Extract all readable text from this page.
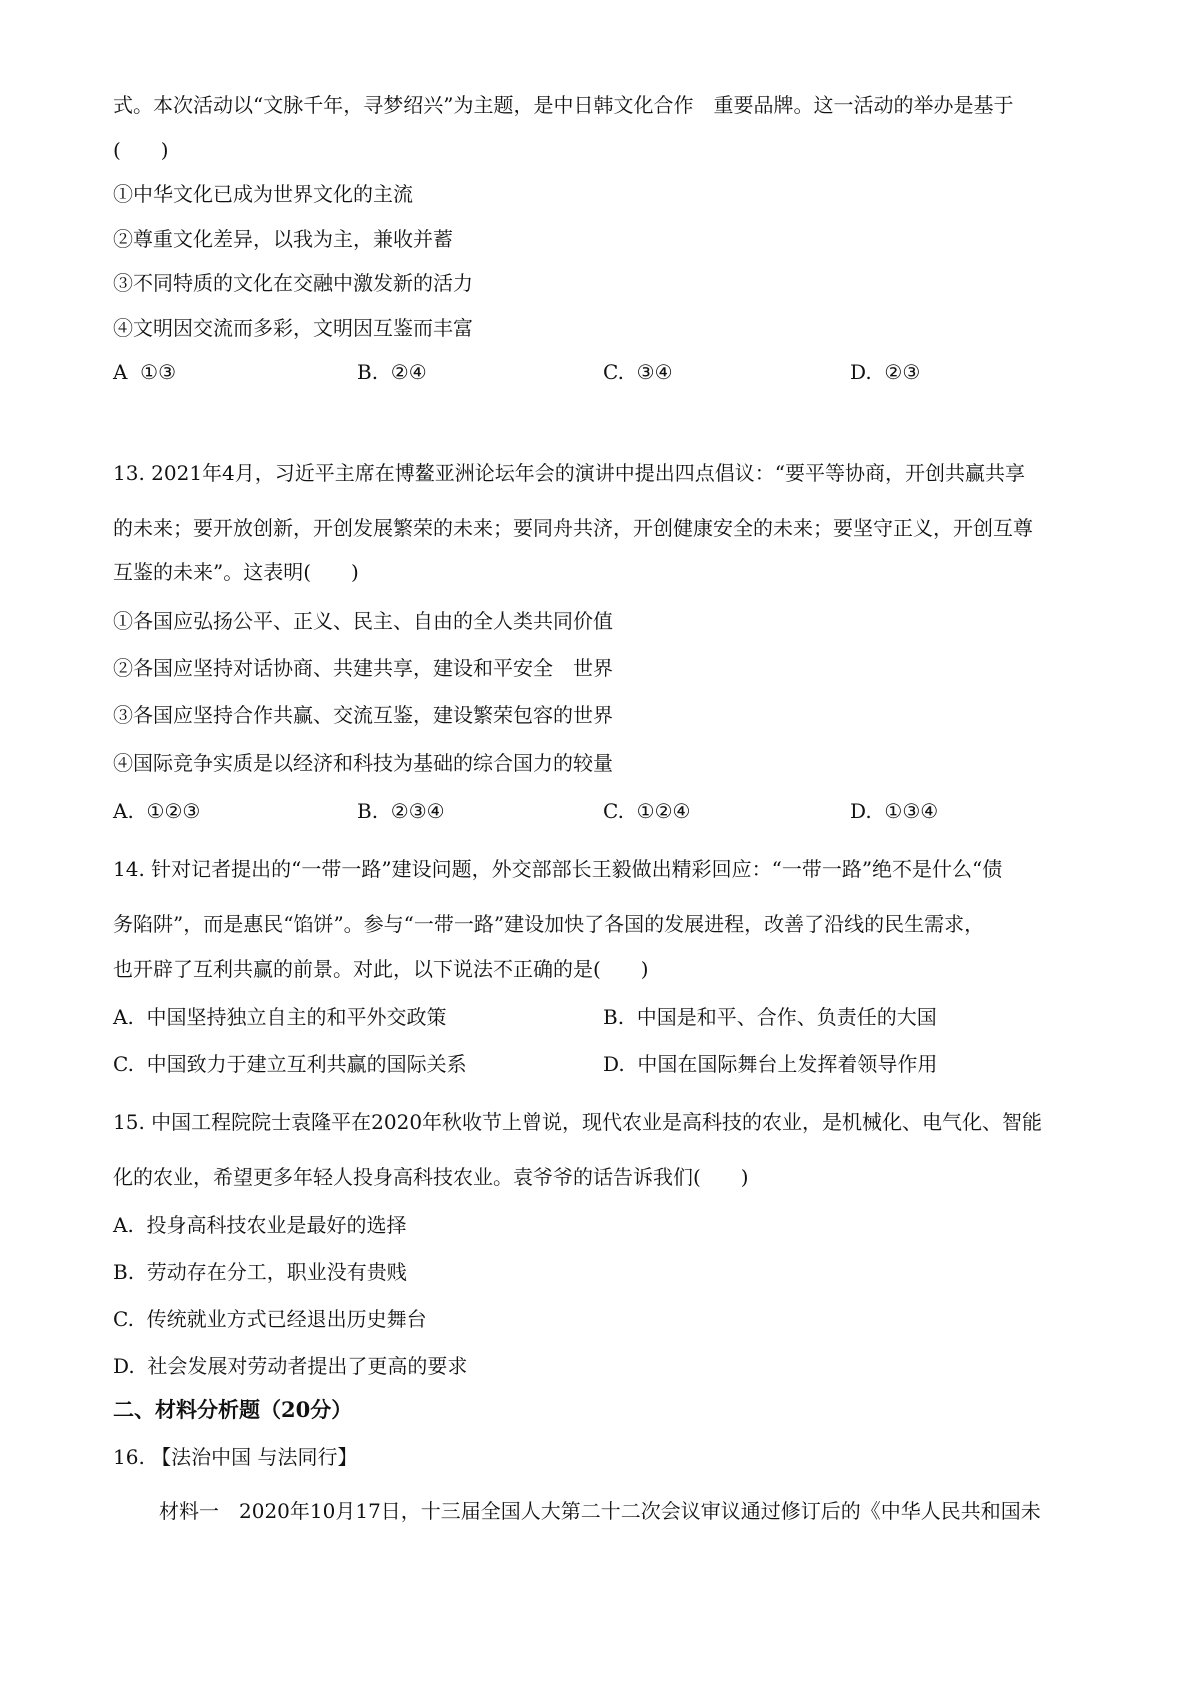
式。本次活动以“文脉千年，寻梦绍兴”为主题，是中日韩文化合作　重要品牌。这一活动的举办是基于
(　　)
①中华文化已成为世界文化的主流
②尊重文化差异，以我为主，兼收并蓄
③不同特质的文化在交融中激发新的活力
④文明因交流而多彩，文明因互鉴而丰富
A  ①③	B.  ②④	C.  ③④	D.  ②③
13. 2021年4月，习近平主席在博鳌亚洲论坛年会的演讲中提出四点倡议：“要平等协商，开创共赢共享
的未来；要开放创新，开创发展繁荣的未来；要同舟共济，开创健康安全的未来；要坚守正义，开创互尊
互鉴的未来”。这表明(　　)
①各国应弘扬公平、正义、民主、自由的全人类共同价值
②各国应坚持对话协商、共建共享，建设和平安全　世界
③各国应坚持合作共赢、交流互鉴，建设繁荣包容的世界
④国际竞争实质是以经济和科技为基础的综合国力的较量
A.  ①②③	B.  ②③④	C.  ①②④	D.  ①③④
14. 针对记者提出的“一带一路”建设问题，外交部部长王毅做出精彩回应：“一带一路”绝不是什么“债
务陷阱”，而是惠民“馅饼”。参与“一带一路”建设加快了各国的发展进程，改善了沿线的民生需求，
也开辟了互利共赢的前景。对此，以下说法不正确的是(　　)
A.  中国坚持独立自主的和平外交政策	B.  中国是和平、合作、负责任的大国
C.  中国致力于建立互利共赢的国际关系	D.  中国在国际舞台上发挥着领导作用
15. 中国工程院院士袁隆平在2020年秋收节上曾说，现代农业是高科技的农业，是机械化、电气化、智能
化的农业，希望更多年轻人投身高科技农业。袁爷爷的话告诉我们(　　)
A.  投身高科技农业是最好的选择
B.  劳动存在分工，职业没有贵贱
C.  传统就业方式已经退出历史舞台
D.  社会发展对劳动者提出了更高的要求
二、材料分析题（20分）
16. 【法治中国 与法同行】
材料一　2020年10月17日，十三届全国人大第二十二次会议审议通过修订后的《中华人民共和国未
